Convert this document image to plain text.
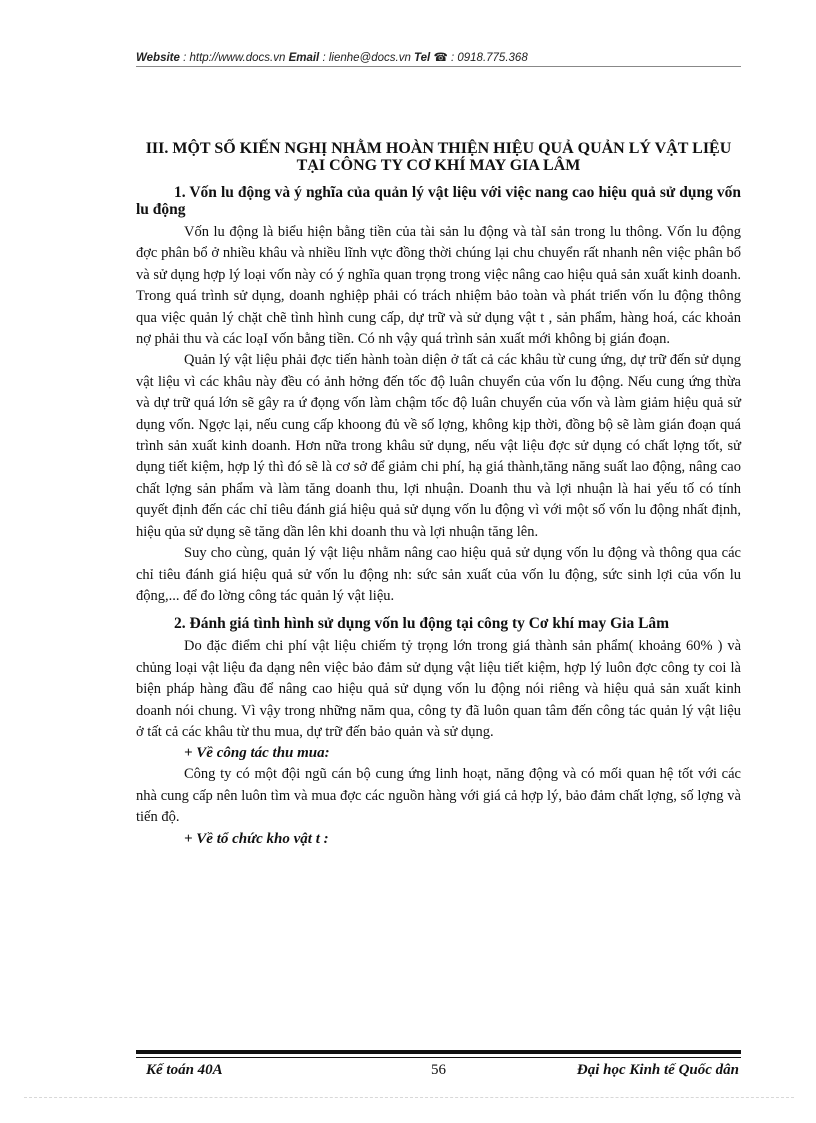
Website : http://www.docs.vn Email : lienhe@docs.vn Tel ☎ : 0918.775.368
III. MỘT SỐ KIẾN NGHỊ NHẰM HOÀN THIỆN HIỆU QUẢ QUẢN LÝ VẬT LIỆU TẠI CÔNG TY CƠ KHÍ MAY GIA LÂM
1. Vốn lu động và ý nghĩa của quản lý vật liệu với việc nang cao hiệu quả sử dụng vốn lu động

Vốn lu động là biểu hiện bằng tiền của tài sản lu động và tàI sản trong lu thông. Vốn lu động đợc phân bổ ở nhiều khâu và nhiều lĩnh vực đồng thời chúng lại chu chuyển rất nhanh nên việc phân bổ và sử dụng hợp lý loại vốn này có ý nghĩa quan trọng trong việc nâng cao hiệu quả sản xuất kinh doanh. Trong quá trình sử dụng, doanh nghiệp phải có trách nhiệm bảo toàn và phát triển vốn lu động thông qua việc quản lý chặt chẽ tình hình cung cấp, dự trữ và sử dụng vật t , sản phẩm, hàng hoá, các khoản nợ phải thu và các loạI vốn bằng tiền. Có nh vậy quá trình sản xuất mới không bị gián đoạn.

Quản lý vật liệu phải đợc tiến hành toàn diện ở tất cả các khâu từ cung ứng, dự trữ đến sử dụng vật liệu vì các khâu này đều có ảnh hởng đến tốc độ luân chuyển của vốn lu động. Nếu cung ứng thừa và dự trữ quá lớn sẽ gây ra ứ đọng vốn làm chậm tốc độ luân chuyển của vốn và làm giảm hiệu quả sử dụng vốn. Ngợc lại, nếu cung cấp khoong đủ về số lợng, không kịp thời, đồng bộ sẽ làm gián đoạn quá trình sản xuất kinh doanh. Hơn nữa trong khâu sử dụng, nếu vật liệu đợc sử dụng có chất lợng tốt, sử dụng tiết kiệm, hợp lý thì đó sẽ là cơ sở để giảm chi phí, hạ giá thành,tăng năng suất lao động, nâng cao chất lợng sản phẩm và làm tăng doanh thu, lợi nhuận. Doanh thu và lợi nhuận là hai yếu tố có tính quyết định đến các chỉ tiêu đánh giá hiệu quả sử dụng vốn lu động vì với một số vốn lu động nhất định, hiệu qủa sử dụng sẽ tăng dần lên khi doanh thu và lợi nhuận tăng lên.

Suy cho cùng, quản lý vật liệu nhằm nâng cao hiệu quả sử dụng vốn lu động và thông qua các chỉ tiêu đánh giá hiệu quả sử vốn lu động nh: sức sản xuất của vốn lu động, sức sinh lợi của vốn lu động,... để đo lờng công tác quản lý vật liệu.

2. Đánh giá tình hình sử dụng vốn lu động tại công ty Cơ khí may Gia Lâm

Do đặc điểm chi phí vật liệu chiếm tỷ trọng lớn trong giá thành sản phẩm( khoảng 60% ) và chủng loại vật liệu đa dạng nên việc bảo đảm sử dụng vật liệu tiết kiệm, hợp lý luôn đợc công ty coi là biện pháp hàng đầu để nâng cao hiệu quả sử dụng vốn lu động nói riêng và hiệu quả sản xuất kinh doanh nói chung. Vì vậy trong những năm qua, công ty đã luôn quan tâm đến công tác quản lý vật liệu ở tất cả các khâu từ thu mua, dự trữ đến bảo quản và sử dụng.

+ Về công tác thu mua:

Công ty có một đội ngũ cán bộ cung ứng linh hoạt, năng động và có mối quan hệ tốt với các nhà cung cấp nên luôn tìm và mua đợc các nguồn hàng với giá cả hợp lý, bảo đảm chất lợng, số lợng và tiến độ.

+ Về tổ chức kho vật t :
Kế toán 40A	56	Đại học Kinh tế Quốc dân
